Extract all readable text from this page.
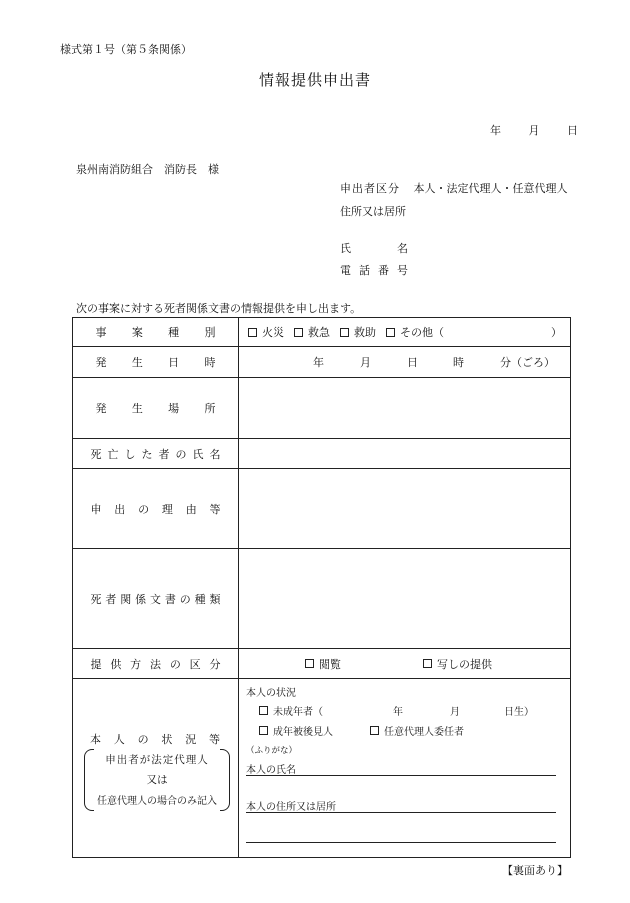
様式第１号（第５条関係）
情報提供申出書
年	月	日
泉州南消防組合　消防長　様
申出者区分 本人・法定代理人・任意代理人
住所又は居所
氏	名
電 話 番 号
次の事案に対する死者関係文書の情報提供を申し出ます。
事 案 種 別	火災 救急 救助 その他（	）
発 生 日 時	年	月	日	時	分（ごろ）
発 生 場 所
死 亡 し た 者 の 氏 名
申 出 の 理 由 等
死 者 関 係 文 書 の 種 類
提 供 方 法 の 区 分	閲覧	写しの提供
本 人 の 状 況 等
申出者が法定代理人
又は
任意代理人の場合のみ記入
本人の状況
未成年者（	年	月	日生）
成年被後見人	任意代理人委任者
（ふりがな）
本人の氏名
本人の住所又は居所
【裏面あり】
